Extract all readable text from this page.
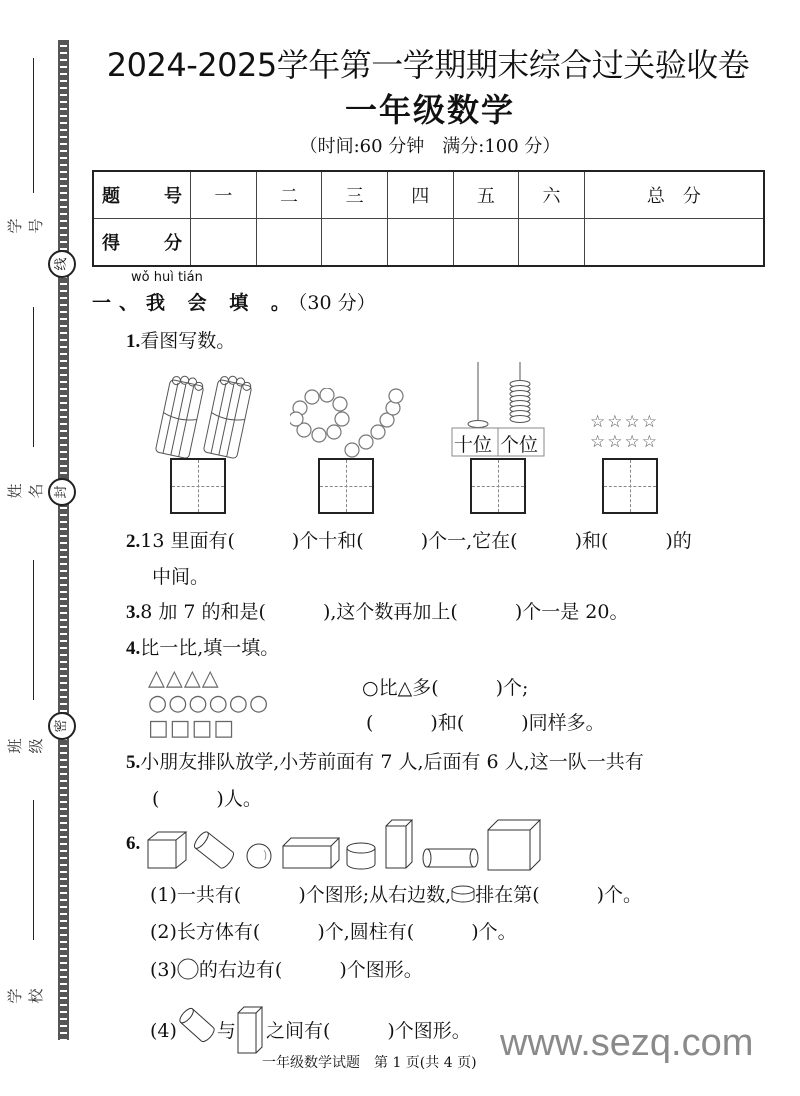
线
封
密
学 号
姓 名
班 级
学 校
2024-2025学年第一学期期末综合过关验收卷
一年级数学
（时间:60 分钟　满分:100 分）
题　号	一	二	三	四	五	六	总　分
得　分							
wǒ huì tián
一、我 会 填 。（30 分）
1.看图写数。
十位 个位
☆☆☆☆
☆☆☆☆
2.13 里面有(　　　)个十和(　　　)个一,它在(　　　)和(　　　)的
中间。
3.8 加 7 的和是(　　　),这个数再加上(　　　)个一是 20。
4.比一比,填一填。
△△△△
○○○○○○
□□□□
○比△多(　　　)个;
(　　　)和(　　　)同样多。
5.小朋友排队放学,小芳前面有 7 人,后面有 6 人,这一队一共有
(　　　)人。
6.
(1)一共有(　　　)个图形;从右边数, 排在第(　　　)个。
(2)长方体有(　　　)个,圆柱有(　　　)个。
(3) 的右边有(　　　)个图形。
(4) 与 之间有(　　　)个图形。
一年级数学试题　第 1 页(共 4 页) www.sezq.com
